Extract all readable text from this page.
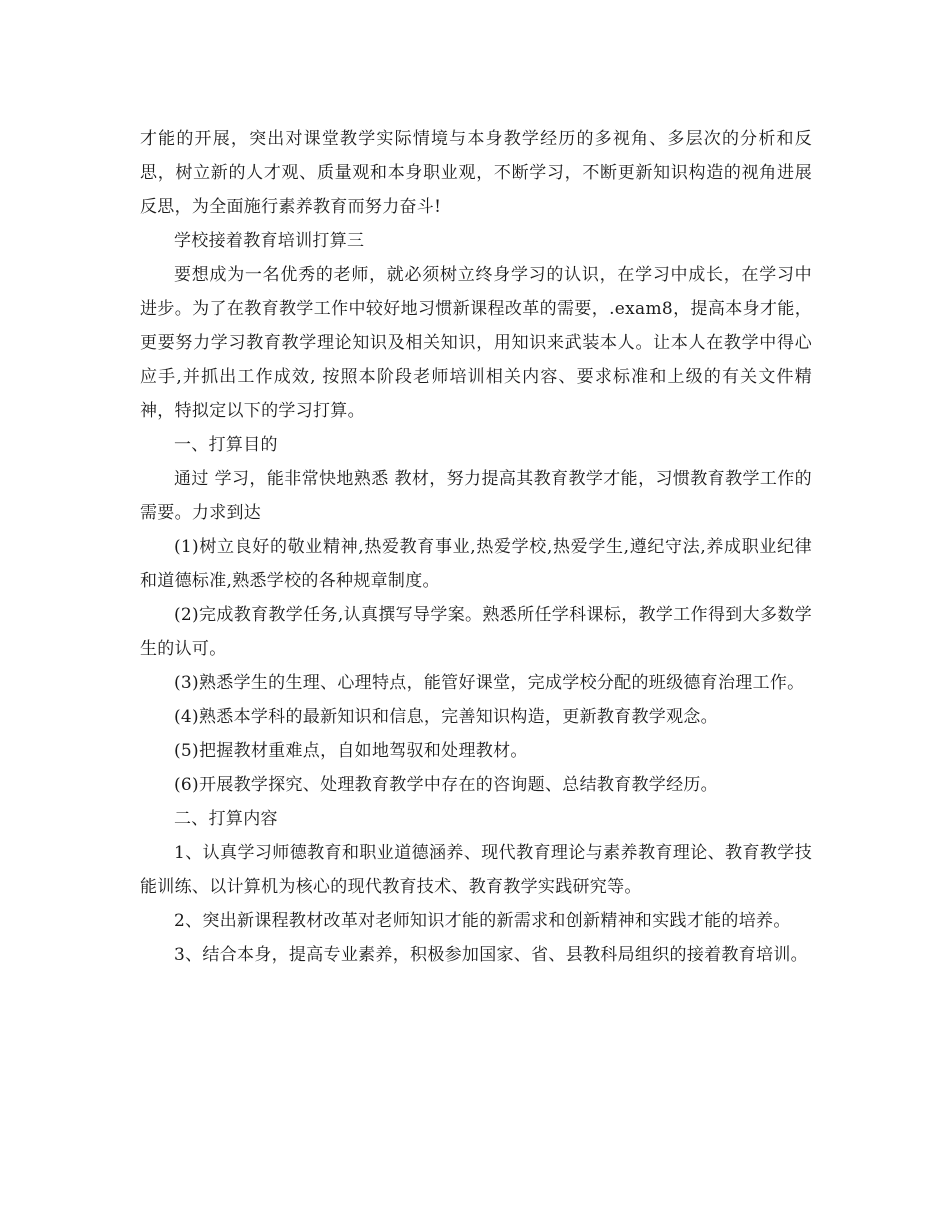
才能的开展，突出对课堂教学实际情境与本身教学经历的多视角、多层次的分析和反思，树立新的人才观、质量观和本身职业观，不断学习，不断更新知识构造的视角进展反思，为全面施行素养教育而努力奋斗!

学校接着教育培训打算三

要想成为一名优秀的老师，就必须树立终身学习的认识，在学习中成长，在学习中进步。为了在教育教学工作中较好地习惯新课程改革的需要，.exam8，提高本身才能，更要努力学习教育教学理论知识及相关知识，用知识来武装本人。让本人在教学中得心应手,并抓出工作成效, 按照本阶段老师培训相关内容、要求标准和上级的有关文件精神，特拟定以下的学习打算。

一、打算目的

通过 学习，能非常快地熟悉 教材，努力提高其教育教学才能，习惯教育教学工作的需要。力求到达

(1)树立良好的敬业精神,热爱教育事业,热爱学校,热爱学生,遵纪守法,养成职业纪律和道德标准,熟悉学校的各种规章制度。

(2)完成教育教学任务,认真撰写导学案。熟悉所任学科课标，教学工作得到大多数学生的认可。

(3)熟悉学生的生理、心理特点，能管好课堂，完成学校分配的班级德育治理工作。

(4)熟悉本学科的最新知识和信息，完善知识构造，更新教育教学观念。

(5)把握教材重难点，自如地驾驭和处理教材。

(6)开展教学探究、处理教育教学中存在的咨询题、总结教育教学经历。

二、打算内容

1、认真学习师德教育和职业道德涵养、现代教育理论与素养教育理论、教育教学技能训练、以计算机为核心的现代教育技术、教育教学实践研究等。

2、突出新课程教材改革对老师知识才能的新需求和创新精神和实践才能的培养。

3、结合本身，提高专业素养，积极参加国家、省、县教科局组织的接着教育培训。
